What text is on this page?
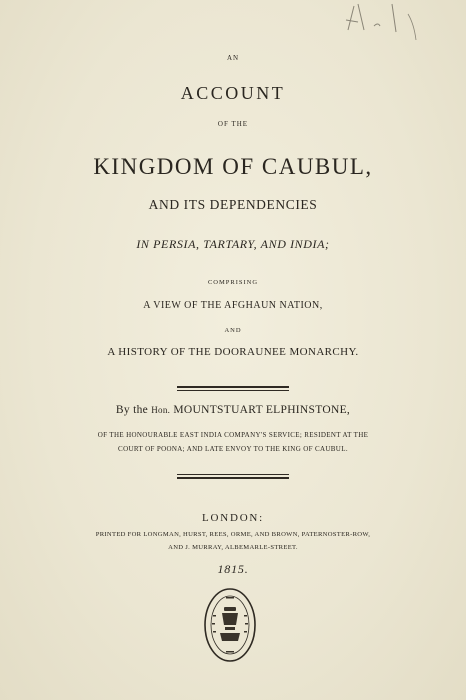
AN
ACCOUNT
OF THE
KINGDOM OF CAUBUL,
AND ITS DEPENDENCIES
IN PERSIA, TARTARY, AND INDIA;
COMPRISING
A VIEW OF THE AFGHAUN NATION,
AND
A HISTORY OF THE DOORAUNEE MONARCHY.
By the Hon. MOUNTSTUART ELPHINSTONE,
OF THE HONOURABLE EAST INDIA COMPANY'S SERVICE; RESIDENT AT THE
COURT OF POONA; AND LATE ENVOY TO THE KING OF CAUBUL.
LONDON:
PRINTED FOR LONGMAN, HURST, REES, ORME, AND BROWN, PATERNOSTER-ROW,
AND J. MURRAY, ALBEMARLE-STREET.
1815.
